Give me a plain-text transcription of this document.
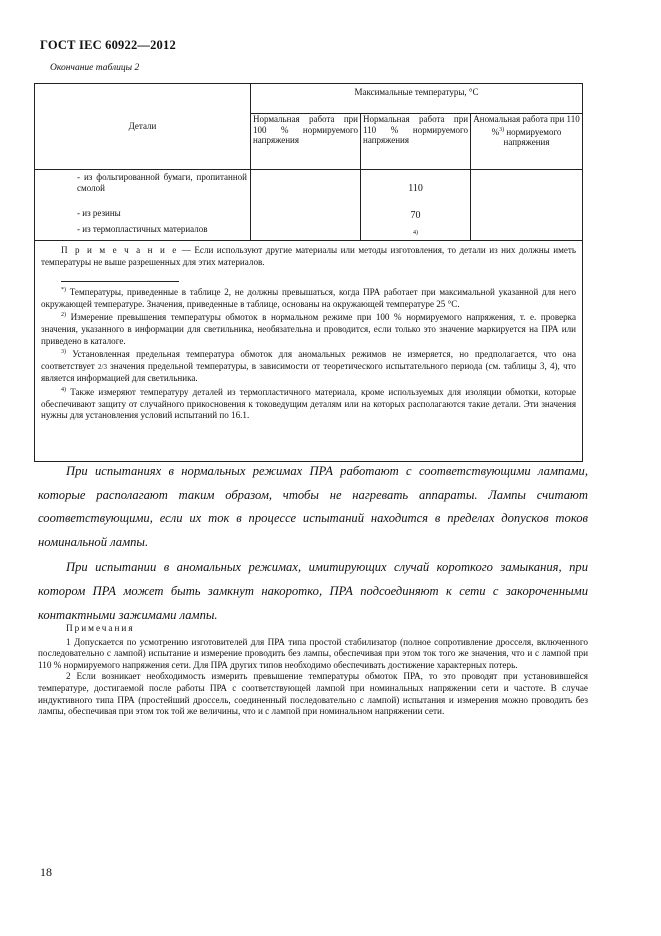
ГОСТ IEC 60922—2012
Окончание таблицы 2
Детали	Максимальные температуры, °С		
	Нормальная работа при 100 % нормируемого напряжения	Нормальная работа при 110 % нормируемого напряжения	Аномальная работа при 110 %$^{3)}$ нормируемого напряжения
- из фольгированной бумаги, пропитанной смолой		110	
- из резины		70	
- из термопластичных материалов		4)	

П р и м е ч а н и е — Если используют другие материалы или методы изготовления, то детали из них должны иметь температуры не выше разрешенных для этих материалов.

*) Температуры, приведенные в таблице 2, не должны превышаться, когда ПРА работает при максимальной указанной для него окружающей температуре. Значения, приведенные в таблице, основаны на окружающей температуре 25 °С.

$^{2)}$ Измерение превышения температуры обмоток в нормальном режиме при 100 % нормируемого напряжения, т. е. проверка значения, указанного в информации для светильника, необязательна и проводится, если только это значение маркируется на ПРА или приведено в каталоге.

$^{3)}$ Установленная предельная температура обмоток для аномальных режимов не измеряется, но предполагается, что она соответствует 2/3 значения предельной температуры, в зависимости от теоретического испытательного периода (см. таблицы 3, 4), что является информацией для светильника.

$^{4)}$ Также измеряют температуру деталей из термопластичного материала, кроме используемых для изоляции обмотки, которые обеспечивают защиту от случайного прикосновения к токоведущим деталям или на которых располагаются такие детали. Эти значения нужны для установления условий испытаний по 16.1.			

При испытаниях в нормальных режимах ПРА работают с соответствующими лампами, которые располагают таким образом, чтобы не нагревать аппараты. Лампы считают соответствующими, если их ток в процессе испытаний находится в пределах допусков токов номинальной лампы.

При испытании в аномальных режимах, имитирующих случай короткого замыкания, при котором ПРА может быть замкнут накоротко, ПРА подсоединяют к сети с закороченными контактными зажимами лампы.

Примечания

1 Допускается по усмотрению изготовителей для ПРА типа простой стабилизатор (полное сопротивление дросселя, включенного последовательно с лампой) испытание и измерение проводить без лампы, обеспечивая при этом ток того же значения, что и с лампой при 110 % нормируемого напряжения сети. Для ПРА других типов необходимо обеспечивать достижение характерных потерь.

2 Если возникает необходимость измерить превышение температуры обмоток ПРА, то это проводят при установившейся температуре, достигаемой после работы ПРА с соответствующей лампой при номинальных напряжении сети и частоте. В случае индуктивного типа ПРА (простейший дроссель, соединенный последовательно с лампой) испытания и измерения можно проводить без лампы, обеспечивая при этом ток той же величины, что и с лампой при номинальном напряжении сети.

18
